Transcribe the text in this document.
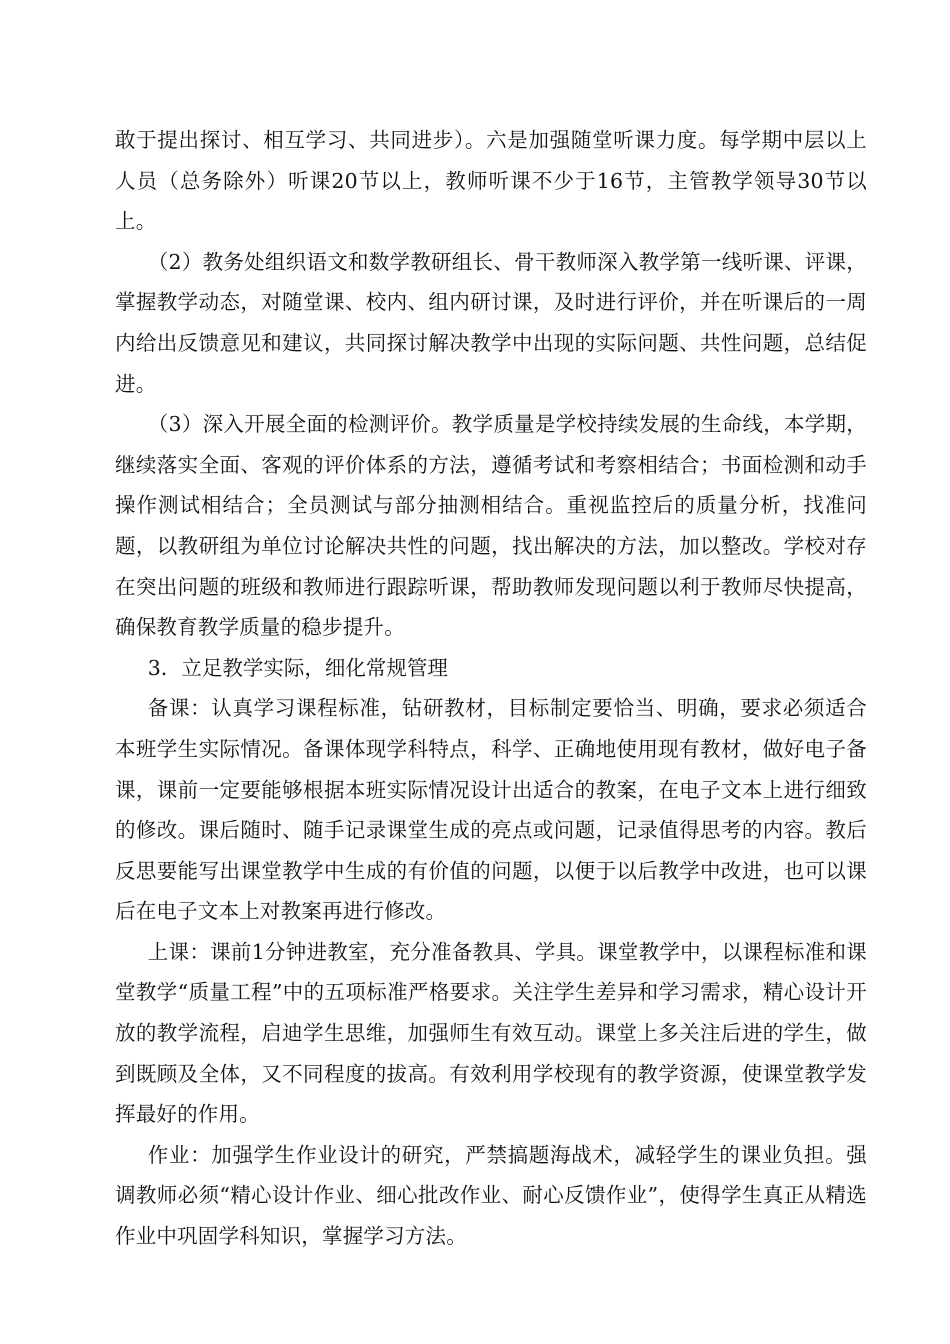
敢于提出探讨、相互学习、共同进步）。六是加强随堂听课力度。每学期中层以上人员（总务除外）听课20节以上，教师听课不少于16节，主管教学领导30节以上。

（2）教务处组织语文和数学教研组长、骨干教师深入教学第一线听课、评课，掌握教学动态，对随堂课、校内、组内研讨课，及时进行评价，并在听课后的一周内给出反馈意见和建议，共同探讨解决教学中出现的实际问题、共性问题，总结促进。

（3）深入开展全面的检测评价。教学质量是学校持续发展的生命线，本学期，继续落实全面、客观的评价体系的方法，遵循考试和考察相结合；书面检测和动手操作测试相结合；全员测试与部分抽测相结合。重视监控后的质量分析，找准问题，以教研组为单位讨论解决共性的问题，找出解决的方法，加以整改。学校对存在突出问题的班级和教师进行跟踪听课，帮助教师发现问题以利于教师尽快提高，确保教育教学质量的稳步提升。

3．立足教学实际，细化常规管理

备课：认真学习课程标准，钻研教材，目标制定要恰当、明确，要求必须适合本班学生实际情况。备课体现学科特点，科学、正确地使用现有教材，做好电子备课，课前一定要能够根据本班实际情况设计出适合的教案，在电子文本上进行细致的修改。课后随时、随手记录课堂生成的亮点或问题，记录值得思考的内容。教后反思要能写出课堂教学中生成的有价值的问题，以便于以后教学中改进，也可以课后在电子文本上对教案再进行修改。

上课：课前1分钟进教室，充分准备教具、学具。课堂教学中，以课程标准和课堂教学“质量工程”中的五项标准严格要求。关注学生差异和学习需求，精心设计开放的教学流程，启迪学生思维，加强师生有效互动。课堂上多关注后进的学生，做到既顾及全体，又不同程度的拔高。有效利用学校现有的教学资源，使课堂教学发挥最好的作用。

作业：加强学生作业设计的研究，严禁搞题海战术，减轻学生的课业负担。强调教师必须“精心设计作业、细心批改作业、耐心反馈作业”，使得学生真正从精选作业中巩固学科知识，掌握学习方法。
